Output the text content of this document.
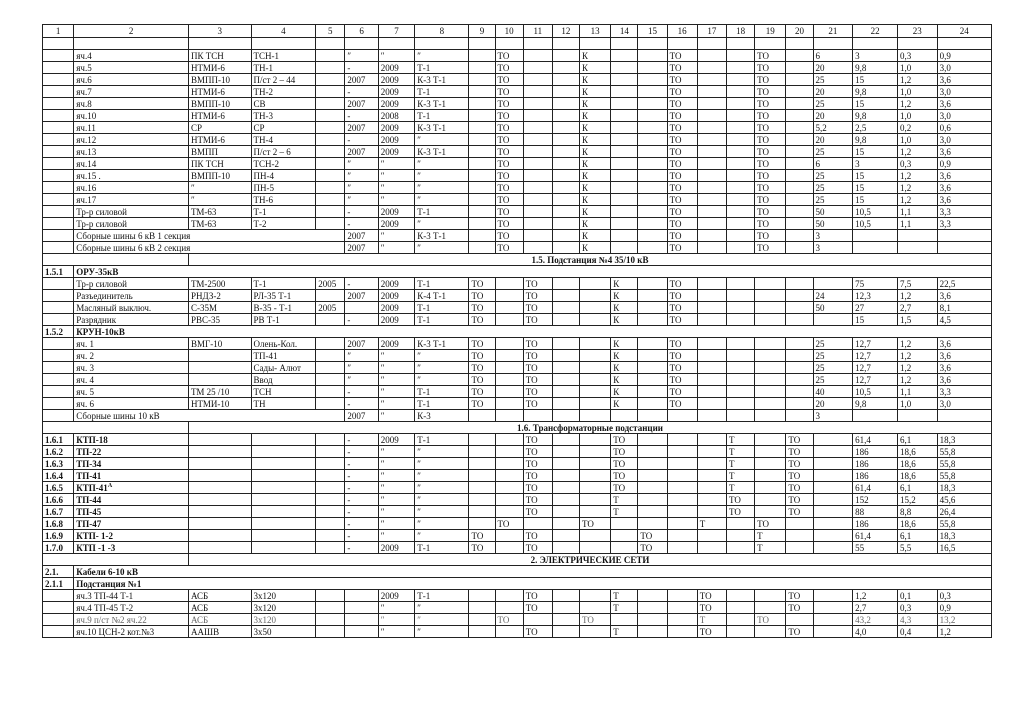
1	2	3	4	5	6	7	8	9	10	11	12	13	14	15	16	17	18	19	20	21	22	23	24

	яч.4	ПК ТСН	ТСН-1		″	″	″		ТО			К			ТО			ТО		6	3	0,3	0,9
	яч.5	НТМИ-6	ТН-1		-	2009	Т-1		ТО			К			ТО			ТО		20	9,8	1,0	3,0
	яч.6	ВМПП-10	П/ст 2 – 44		2007	2009	К-3 Т-1		ТО			К			ТО			ТО		25	15	1,2	3,6
	яч.7	НТМИ-6	ТН-2		-	2009	Т-1		ТО			К			ТО			ТО		20	9,8	1,0	3,0
	яч.8	ВМПП-10	СВ		2007	2009	К-3 Т-1		ТО			К			ТО			ТО		25	15	1,2	3,6
	яч.10	НТМИ-6	ТН-3		-	2008	Т-1		ТО			К			ТО			ТО		20	9,8	1,0	3,0
	яч.11	СР	СР		2007	2009	К-3 Т-1		ТО			К			ТО			ТО		5,2	2,5	0,2	0,6
	яч.12	НТМИ-6	ТН-4		-	2009	″		ТО			К			ТО			ТО		20	9,8	1,0	3,0
	яч.13	ВМПП	П/ст 2 – 6		2007	2009	К-3 Т-1		ТО			К			ТО			ТО		25	15	1,2	3,6
	яч.14	ПК ТСН	ТСН-2		″	″	″		ТО			К			ТО			ТО		6	3	0,3	0,9
	яч.15 .	ВМПП-10	ПН-4		″	″	″		ТО			К			ТО			ТО		25	15	1,2	3,6
	яч.16	″	ПН-5		″	″	″		ТО			К			ТО			ТО		25	15	1,2	3,6
	яч.17	″	ТН-6		″	″	″		ТО			К			ТО			ТО		25	15	1,2	3,6
	Тр-р силовой	ТМ-63	Т-1		-	2009	Т-1		ТО			К			ТО			ТО		50	10,5	1,1	3,3
	Тр-р силовой	ТМ-63	Т-2		-	2009	″		ТО			К			ТО			ТО		50	10,5	1,1	3,3
	Сборные шины 6 кВ 1 секция				2007	″	К-3 Т-1		ТО			К			ТО			ТО		3			
	Сборные шины 6 кВ 2 секция				2007	″	″		ТО			К			ТО			ТО		3			
		1.5. Подстанция №4 35/10 кВ																					
1.5.1	ОРУ-35кВ																						
	Тр-р силовой	ТМ-2500	Т-1	2005	-	2009	Т-1	ТО		ТО			К		ТО						75	7,5	22,5
	Разъединитель	РНДЗ-2	РЛ-35 Т-1		2007	2009	К-4 Т-1	ТО		ТО			К		ТО					24	12,3	1,2	3,6
	Масляный выключ.	С-35М	В-35 - Т-1	2005		2009	Т-1	ТО		ТО			К		ТО					50	27	2,7	8,1
	Разрядник	РВС-35	РВ Т-1		-	2009	Т-1	ТО		ТО			К		ТО						15	1,5	4,5
1.5.2	КРУН-10кВ																						
	яч. 1	ВМГ-10	Олень-Кол.		2007	2009	К-3 Т-1	ТО		ТО			К		ТО					25	12,7	1,2	3,6
	яч. 2		ТП-41		″	″	″	ТО		ТО			К		ТО					25	12,7	1,2	3,6
	яч. 3		Сады- Алют		″	″	″	ТО		ТО			К		ТО					25	12,7	1,2	3,6
	яч. 4		Ввод		″	″	″	ТО		ТО			К		ТО					25	12,7	1,2	3,6
	яч. 5	ТМ 25 /10	ТСН		-	″	Т-1	ТО		ТО			К		ТО					40	10,5	1,1	3,3
	яч. 6	НТМИ-10	ТН		-	″	Т-1	ТО		ТО			К		ТО					20	9,8	1,0	3,0
	Сборные шины 10 кВ				2007	″	К-3													3			
		1.6. Трансформаторные подстанции																					
1.6.1	КТП-18				-	2009	Т-1			ТО			ТО				Т		ТО		61,4	6,1	18,3
1.6.2	ТП-22				-	″	″			ТО			ТО				Т		ТО		186	18,6	55,8
1.6.3	ТП-34				-	″	″			ТО			ТО				Т		ТО		186	18,6	55,8
1.6.4	ТП-41				-	″	″			ТО			ТО				Т		ТО		186	18,6	55,8
1.6.5	КТП-$41^А$				-	″	″			ТО			ТО				Т		ТО		61,4	6,1	18,3
1.6.6	ТП-44				-	″	″			ТО			Т				ТО		ТО		152	15,2	45,6
1.6.7	ТП-45				-	″	″			ТО			Т				ТО		ТО		88	8,8	26,4
1.6.8	ТП-47				-	″	″		ТО			ТО				Т		ТО			186	18,6	55,8
1.6.9	КТП- 1-2				-	″	″	ТО		ТО				ТО				Т			61,4	6,1	18,3
1.7.0	КТП -1 -3				-	2009	Т-1	ТО		ТО				ТО				Т			55	5,5	16,5
		2. ЭЛЕКТРИЧЕСКИЕ СЕТИ																					
2.1.	Кабели 6-10 кВ																						
2.1.1	Подстанция №1																						
	яч.3 ТП-44 Т-1	АСБ	3x120			2009	Т-1			ТО			Т			ТО			ТО		1,2	0,1	0,3
	яч.4 ТП-45 Т-2	АСБ	3x120			″	″			ТО			Т			ТО			ТО		2,7	0,3	0,9
	яч.9 п/ст №2 яч.22	АСБ	3x120			″	″		ТО			ТО				Т		ТО			43,2	4,3	13,2
	яч.10 ЦСН-2 кот.№3	ААШВ	3x50			″	″			ТО			Т			ТО			ТО		4,0	0,4	1,2
